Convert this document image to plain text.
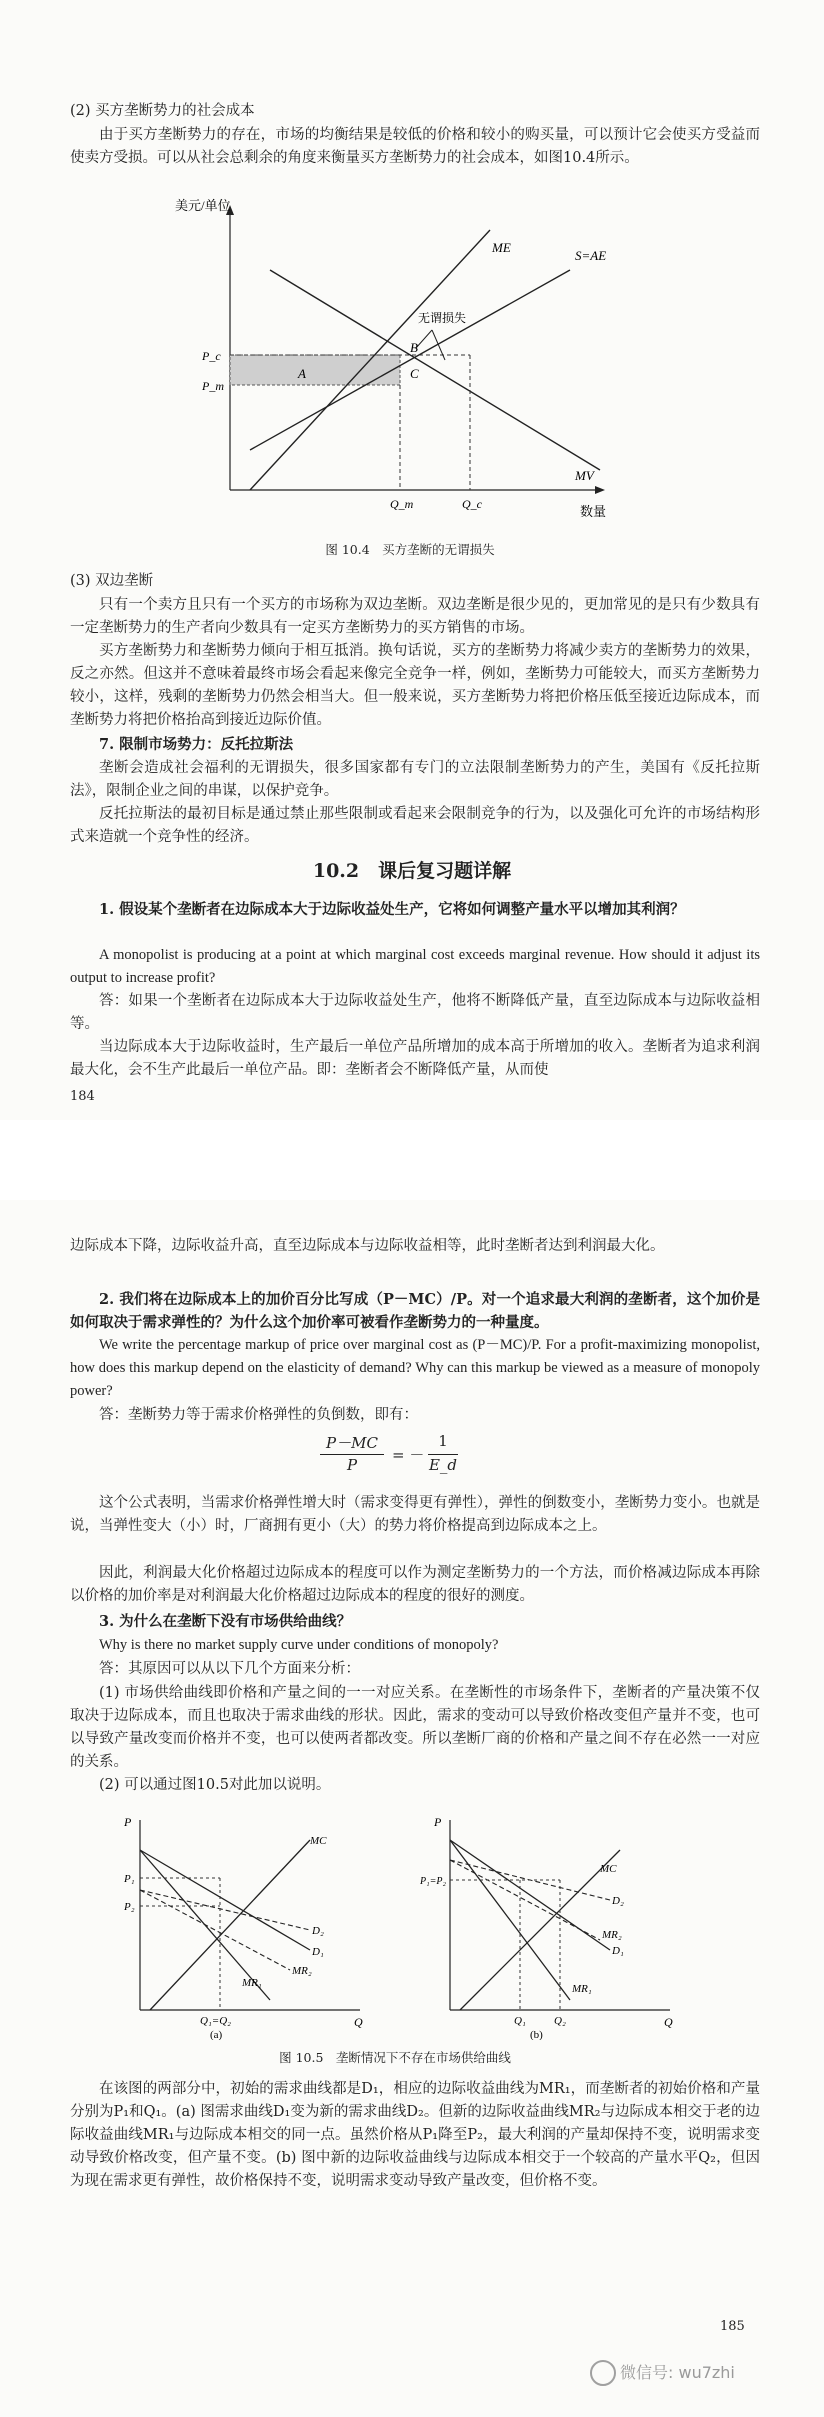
(2) 买方垄断势力的社会成本
由于买方垄断势力的存在，市场的均衡结果是较低的价格和较小的购买量，可以预计它会使买方受益而使卖方受损。可以从社会总剩余的角度来衡量买方垄断势力的社会成本，如图10.4所示。
美元/单位
数量
ME
S=AE
MV
无谓损失
P_c
P_m
Q_m	Q_c
A
B
C
图 10.4　买方垄断的无谓损失
(3) 双边垄断
只有一个卖方且只有一个买方的市场称为双边垄断。双边垄断是很少见的，更加常见的是只有少数具有一定垄断势力的生产者向少数具有一定买方垄断势力的买方销售的市场。
买方垄断势力和垄断势力倾向于相互抵消。换句话说，买方的垄断势力将减少卖方的垄断势力的效果，反之亦然。但这并不意味着最终市场会看起来像完全竞争一样，例如，垄断势力可能较大，而买方垄断势力较小，这样，残剩的垄断势力仍然会相当大。但一般来说，买方垄断势力将把价格压低至接近边际成本，而垄断势力将把价格抬高到接近边际价值。
7. 限制市场势力：反托拉斯法
垄断会造成社会福利的无谓损失，很多国家都有专门的立法限制垄断势力的产生，美国有《反托拉斯法》，限制企业之间的串谋，以保护竞争。
反托拉斯法的最初目标是通过禁止那些限制或看起来会限制竞争的行为，以及强化可允许的市场结构形式来造就一个竞争性的经济。
10.2　课后复习题详解
1. 假设某个垄断者在边际成本大于边际收益处生产，它将如何调整产量水平以增加其利润？
A monopolist is producing at a point at which marginal cost exceeds marginal revenue. How should it adjust its output to increase profit?
答：如果一个垄断者在边际成本大于边际收益处生产，他将不断降低产量，直至边际成本与边际收益相等。
当边际成本大于边际收益时，生产最后一单位产品所增加的成本高于所增加的收入。垄断者为追求利润最大化，会不生产此最后一单位产品。即：垄断者会不断降低产量，从而使
184
边际成本下降，边际收益升高，直至边际成本与边际收益相等，此时垄断者达到利润最大化。
2. 我们将在边际成本上的加价百分比写成（P－MC）/P。对一个追求最大利润的垄断者，这个加价是如何取决于需求弹性的？为什么这个加价率可被看作垄断势力的一种量度。
We write the percentage markup of price over marginal cost as (P－MC)/P. For a profit-maximizing monopolist, how does this markup depend on the elasticity of demand? Why can this markup be viewed as a measure of monopoly power?
答：垄断势力等于需求价格弹性的负倒数，即有：
P－MC
P
= －
1
E_d
这个公式表明，当需求价格弹性增大时（需求变得更有弹性），弹性的倒数变小，垄断势力变小。也就是说，当弹性变大（小）时，厂商拥有更小（大）的势力将价格提高到边际成本之上。
因此，利润最大化价格超过边际成本的程度可以作为测定垄断势力的一个方法，而价格减边际成本再除以价格的加价率是对利润最大化价格超过边际成本的程度的很好的测度。
3. 为什么在垄断下没有市场供给曲线？
Why is there no market supply curve under conditions of monopoly?
答：其原因可以从以下几个方面来分析：
(1) 市场供给曲线即价格和产量之间的一一对应关系。在垄断性的市场条件下，垄断者的产量决策不仅取决于边际成本，而且也取决于需求曲线的形状。因此，需求的变动可以导致价格改变但产量并不变，也可以导致产量改变而价格并不变，也可以使两者都改变。所以垄断厂商的价格和产量之间不存在必然一一对应的关系。
(2) 可以通过图10.5对此加以说明。
P
Q
MC
P₁
P₂
D₂
D₁
MR₁
MR₂
Q₁=Q₂
(a)
P
Q
MC
P₁=P₂
D₂
D₁
MR₂
MR₁
Q₁	Q₂
(b)
图 10.5　垄断情况下不存在市场供给曲线
在该图的两部分中，初始的需求曲线都是D₁，相应的边际收益曲线为MR₁，而垄断者的初始价格和产量分别为P₁和Q₁。(a) 图需求曲线D₁变为新的需求曲线D₂。但新的边际收益曲线MR₂与边际成本相交于老的边际收益曲线MR₁与边际成本相交的同一点。虽然价格从P₁降至P₂，最大利润的产量却保持不变，说明需求变动导致价格改变，但产量不变。(b) 图中新的边际收益曲线与边际成本相交于一个较高的产量水平Q₂，但因为现在需求更有弹性，故价格保持不变，说明需求变动导致产量改变，但价格不变。
185
微信号: wu7zhi
